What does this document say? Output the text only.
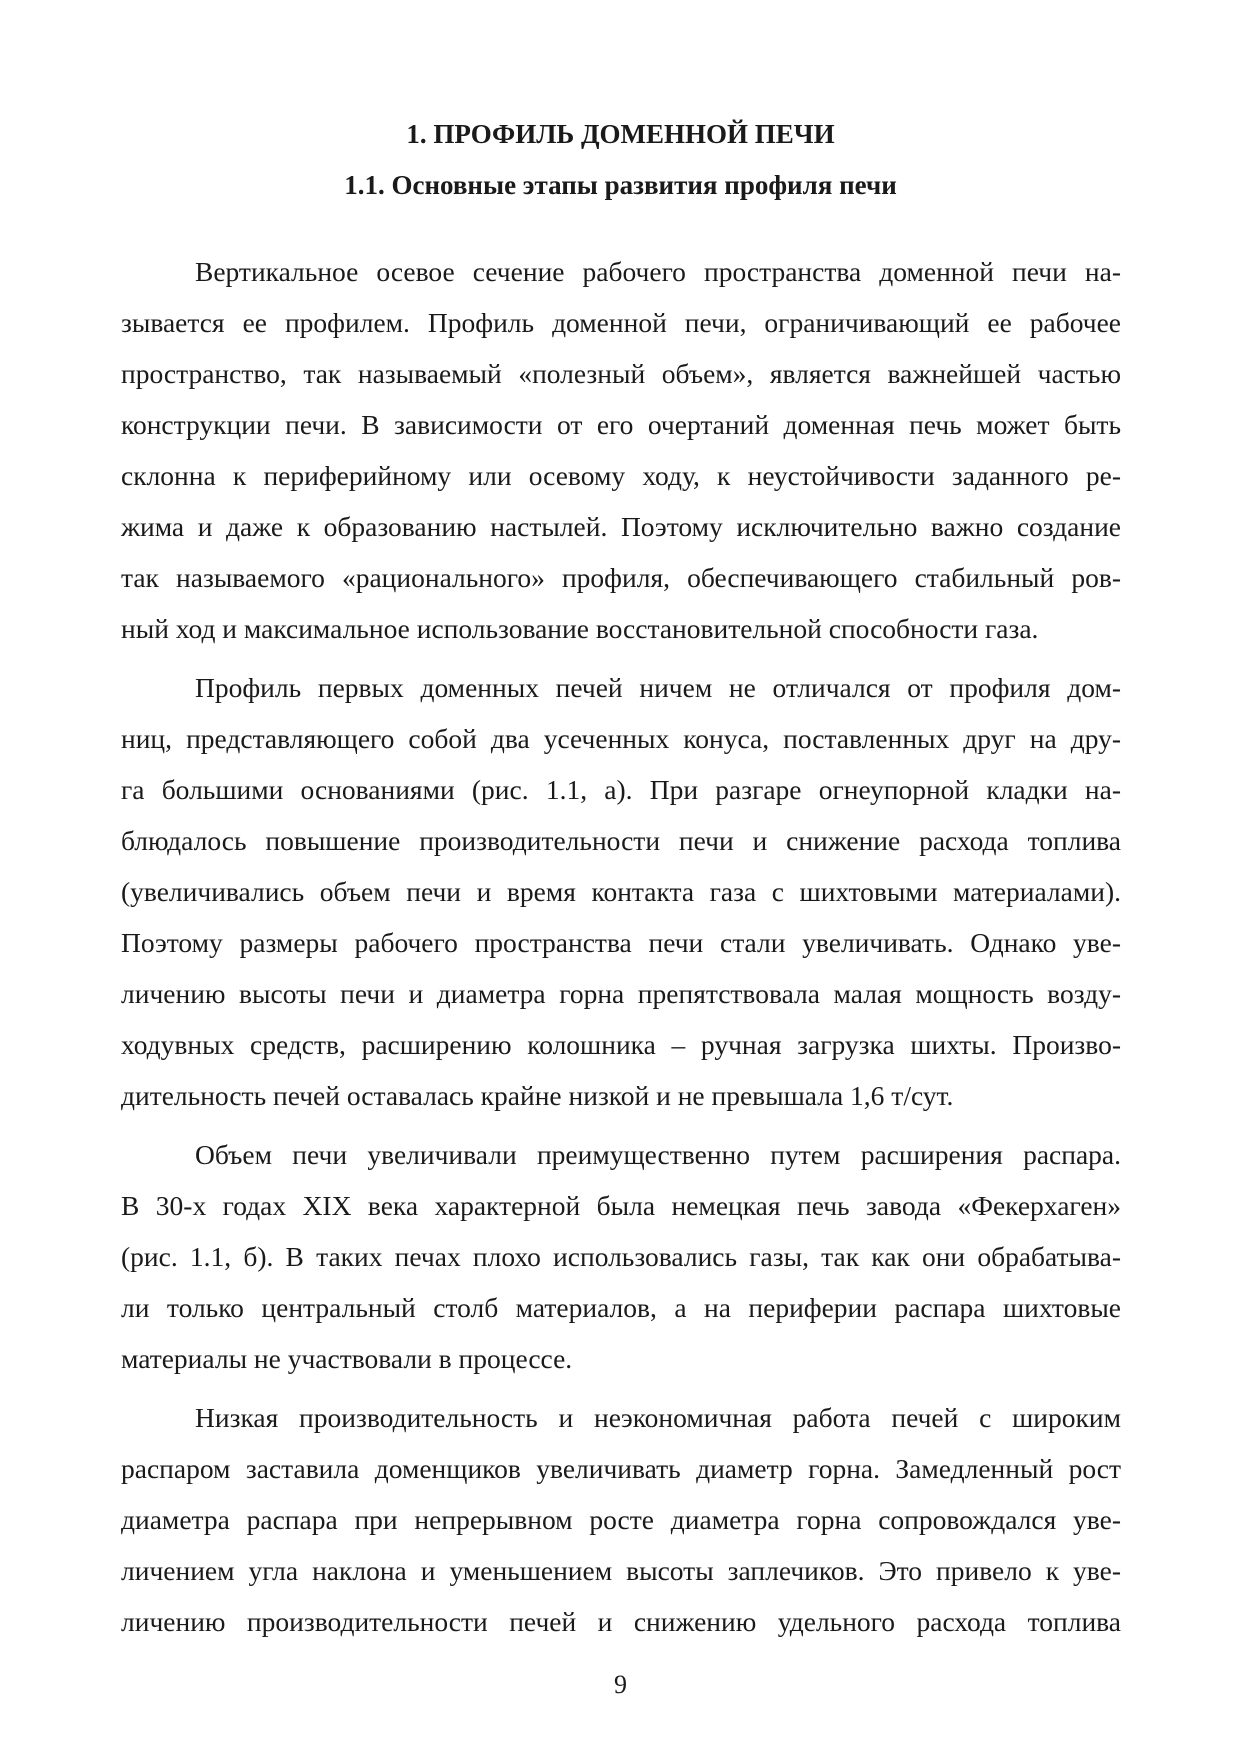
1. ПРОФИЛЬ ДОМЕННОЙ ПЕЧИ
1.1. Основные этапы развития профиля печи

Вертикальное осевое сечение рабочего пространства доменной печи на-
зывается ее профилем. Профиль доменной печи, ограничивающий ее рабочее
пространство, так называемый «полезный объем», является важнейшей частью
конструкции печи. В зависимости от его очертаний доменная печь может быть
склонна к периферийному или осевому ходу, к неустойчивости заданного ре-
жима и даже к образованию настылей. Поэтому исключительно важно создание
так называемого «рационального» профиля, обеспечивающего стабильный ров-
ный ход и максимальное использование восстановительной способности газа.

Профиль первых доменных печей ничем не отличался от профиля дом-
ниц, представляющего собой два усеченных конуса, поставленных друг на дру-
га большими основаниями (рис. 1.1, а). При разгаре огнеупорной кладки на-
блюдалось повышение производительности печи и снижение расхода топлива
(увеличивались объем печи и время контакта газа с шихтовыми материалами).
Поэтому размеры рабочего пространства печи стали увеличивать. Однако уве-
личению высоты печи и диаметра горна препятствовала малая мощность возду-
ходувных средств, расширению колошника – ручная загрузка шихты. Произво-
дительность печей оставалась крайне низкой и не превышала 1,6 т/сут.

Объем печи увеличивали преимущественно путем расширения распара.
В 30-х годах XIX века характерной была немецкая печь завода «Фекерхаген»
(рис. 1.1, б). В таких печах плохо использовались газы, так как они обрабатыва-
ли только центральный столб материалов, а на периферии распара шихтовые
материалы не участвовали в процессе.

Низкая производительность и неэкономичная работа печей с широким
распаром заставила доменщиков увеличивать диаметр горна. Замедленный рост
диаметра распара при непрерывном росте диаметра горна сопровождался уве-
личением угла наклона и уменьшением высоты заплечиков. Это привело к уве-
личению производительности печей и снижению удельного расхода топлива

9
